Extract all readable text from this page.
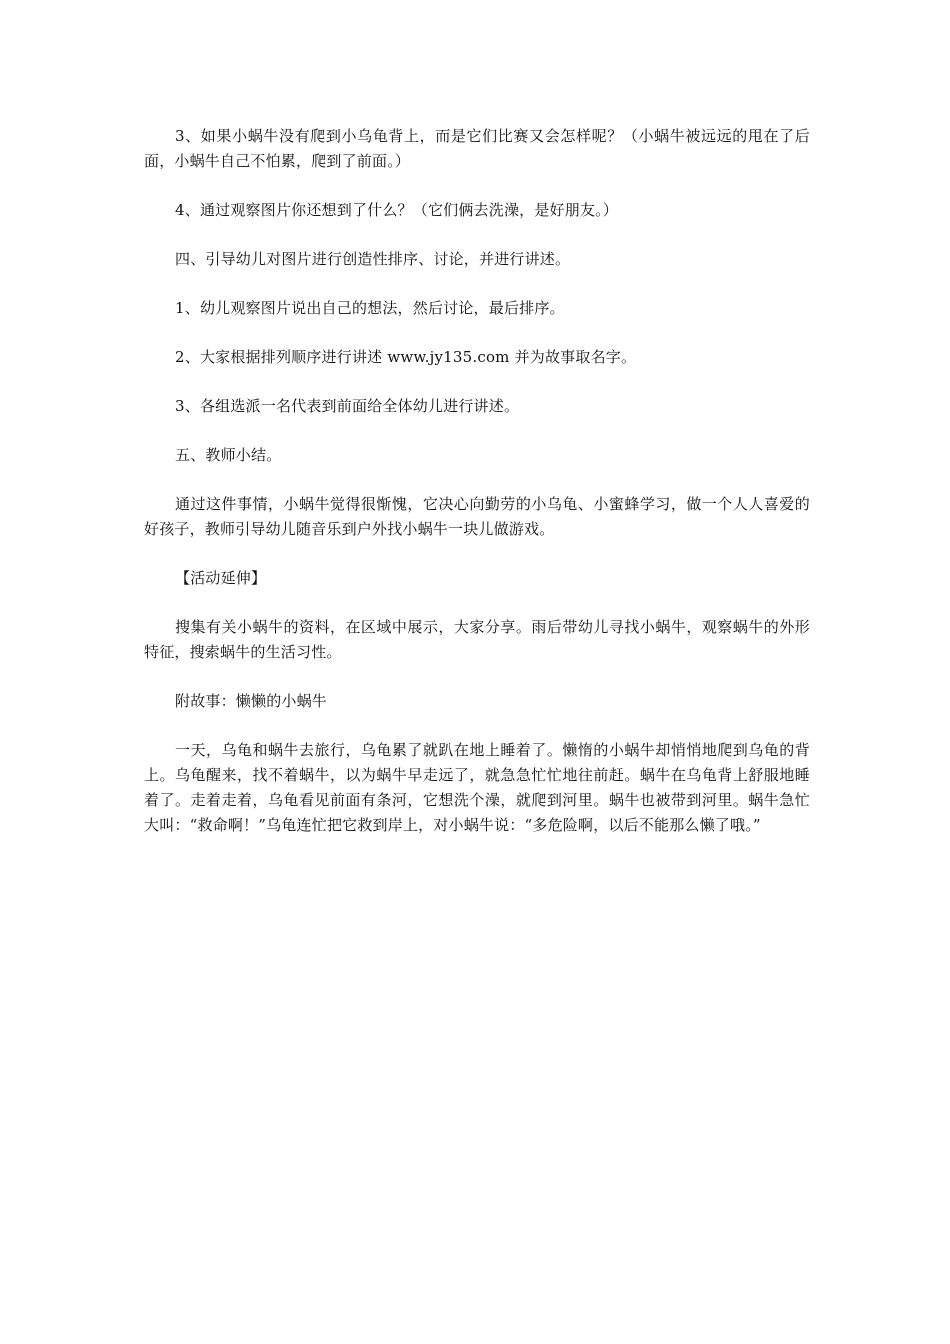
3、如果小蜗牛没有爬到小乌龟背上，而是它们比赛又会怎样呢？（小蜗牛被远远的甩在了后面，小蜗牛自己不怕累，爬到了前面。）

4、通过观察图片你还想到了什么？（它们俩去洗澡，是好朋友。）

四、引导幼儿对图片进行创造性排序、讨论，并进行讲述。

1、幼儿观察图片说出自己的想法，然后讨论，最后排序。

2、大家根据排列顺序进行讲述 www.jy135.com 并为故事取名字。

3、各组选派一名代表到前面给全体幼儿进行讲述。

五、教师小结。

通过这件事情，小蜗牛觉得很惭愧，它决心向勤劳的小乌龟、小蜜蜂学习，做一个人人喜爱的好孩子，教师引导幼儿随音乐到户外找小蜗牛一块儿做游戏。

【活动延伸】

搜集有关小蜗牛的资料，在区域中展示，大家分享。雨后带幼儿寻找小蜗牛，观察蜗牛的外形特征，搜索蜗牛的生活习性。

附故事：懒懒的小蜗牛

一天，乌龟和蜗牛去旅行，乌龟累了就趴在地上睡着了。懒惰的小蜗牛却悄悄地爬到乌龟的背上。乌龟醒来，找不着蜗牛，以为蜗牛早走远了，就急急忙忙地往前赶。蜗牛在乌龟背上舒服地睡着了。走着走着，乌龟看见前面有条河，它想洗个澡，就爬到河里。蜗牛也被带到河里。蜗牛急忙大叫：“救命啊！”乌龟连忙把它救到岸上，对小蜗牛说：“多危险啊，以后不能那么懒了哦。”
